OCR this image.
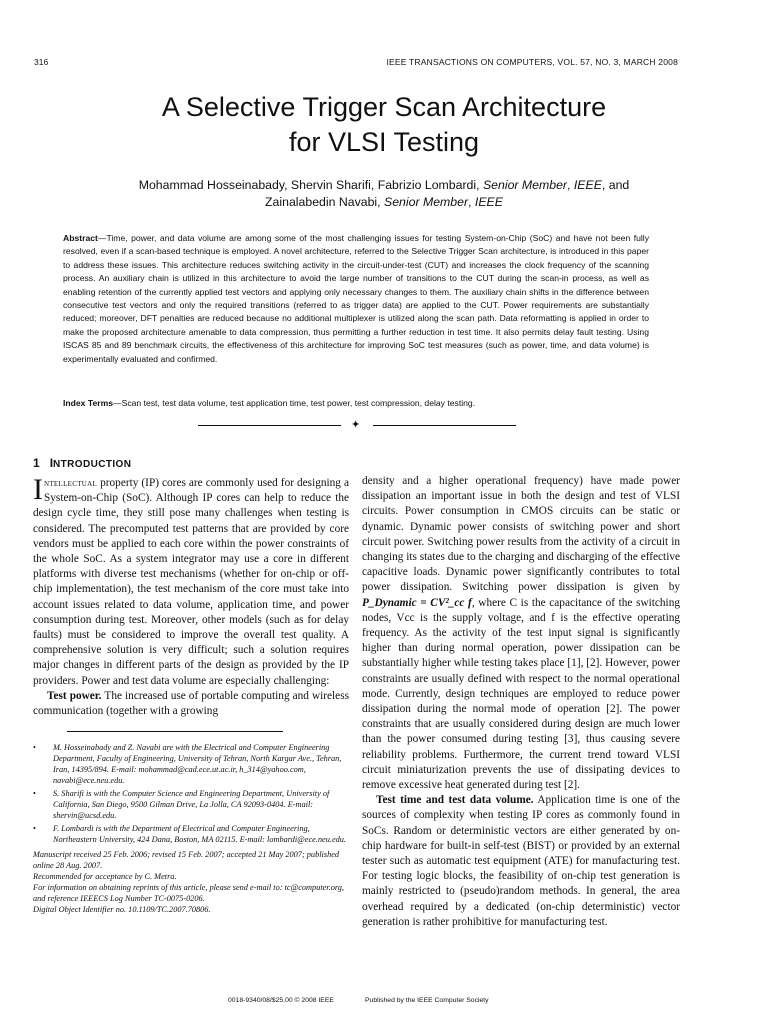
316	IEEE TRANSACTIONS ON COMPUTERS, VOL. 57, NO. 3, MARCH 2008
A Selective Trigger Scan Architecture
for VLSI Testing
Mohammad Hosseinabady, Shervin Sharifi, Fabrizio Lombardi, Senior Member, IEEE, and
Zainalabedin Navabi, Senior Member, IEEE

Abstract—Time, power, and data volume are among some of the most challenging issues for testing System-on-Chip (SoC) and have not been fully resolved, even if a scan-based technique is employed. A novel architecture, referred to the Selective Trigger Scan architecture, is introduced in this paper to address these issues. This architecture reduces switching activity in the circuit-under-test (CUT) and increases the clock frequency of the scanning process. An auxiliary chain is utilized in this architecture to avoid the large number of transitions to the CUT during the scan-in process, as well as enabling retention of the currently applied test vectors and applying only necessary changes to them. The auxiliary chain shifts in the difference between consecutive test vectors and only the required transitions (referred to as trigger data) are applied to the CUT. Power requirements are substantially reduced; moreover, DFT penalties are reduced because no additional multiplexer is utilized along the scan path. Data reformatting is applied in order to make the proposed architecture amenable to data compression, thus permitting a further reduction in test time. It also permits delay fault testing. Using ISCAS 85 and 89 benchmark circuits, the effectiveness of this architecture for improving SoC test measures (such as power, time, and data volume) is experimentally evaluated and confirmed.

Index Terms—Scan test, test data volume, test application time, test power, test compression, delay testing.

✦
1 INTRODUCTION

Intellectual property (IP) cores are commonly used for designing a System-on-Chip (SoC). Although IP cores can help to reduce the design cycle time, they still pose many challenges when testing is considered. The precomputed test patterns that are provided by core vendors must be applied to each core within the power constraints of the whole SoC. As a system integrator may use a core in different platforms with diverse test mechanisms (whether for on-chip or off-chip implementation), the test mechanism of the core must take into account issues related to data volume, application time, and power consumption during test. Moreover, other models (such as for delay faults) must be considered to improve the overall test quality. A comprehensive solution is very difficult; such a solution requires major changes in different parts of the design as provided by the IP providers. Power and test data volume are especially challenging:

Test power. The increased use of portable computing and wireless communication (together with a growing

• M. Hosseinabady and Z. Navabi are with the Electrical and Computer Engineering Department, Faculty of Engineering, University of Tehran, North Kargar Ave., Tehran, Iran, 14395/894. E-mail: mohammad@cad.ece.ut.ac.ir, h_314@yahoo.com, navabi@ece.neu.edu.
• S. Sharifi is with the Computer Science and Engineering Department, University of California, San Diego, 9500 Gilman Drive, La Jolla, CA 92093-0404. E-mail: shervin@ucsd.edu.
• F. Lombardi is with the Department of Electrical and Computer Engineering, Northeastern University, 424 Dana, Boston, MA 02115. E-mail: lombardi@ece.neu.edu.
Manuscript received 25 Feb. 2006; revised 15 Feb. 2007; accepted 21 May 2007; published online 28 Aug. 2007.
Recommended for acceptance by C. Metra.
For information on obtaining reprints of this article, please send e-mail to: tc@computer.org, and reference IEEECS Log Number TC-0075-0206.
Digital Object Identifier no. 10.1109/TC.2007.70806.

density and a higher operational frequency) have made power dissipation an important issue in both the design and test of VLSI circuits. Power consumption in CMOS circuits can be static or dynamic. Dynamic power consists of switching power and short circuit power. Switching power results from the activity of a circuit in changing its states due to the charging and discharging of the effective capacitive loads. Dynamic power significantly contributes to total power dissipation. Switching power dissipation is given by P_Dynamic = CV²_cc f, where C is the capacitance of the switching nodes, Vcc is the supply voltage, and f is the effective operating frequency. As the activity of the test input signal is significantly higher than during normal operation, power dissipation can be substantially higher while testing takes place [1], [2]. However, power constraints are usually defined with respect to the normal operational mode. Currently, design techniques are employed to reduce power dissipation during the normal mode of operation [2]. The power constraints that are usually considered during design are much lower than the power consumed during testing [3], thus causing severe reliability problems. Furthermore, the current trend toward VLSI circuit miniaturization prevents the use of dissipating devices to remove excessive heat generated during test [2].

Test time and test data volume. Application time is one of the sources of complexity when testing IP cores as commonly found in SoCs. Random or deterministic vectors are either generated by on-chip hardware for built-in self-test (BIST) or provided by an external tester such as automatic test equipment (ATE) for manufacturing test. For testing logic blocks, the feasibility of on-chip test generation is mainly restricted to (pseudo)random methods. In general, the area overhead required by a dedicated (on-chip deterministic) vector generation is rather prohibitive for manufacturing test.

0018-9340/08/$25.00 © 2008 IEEE	Published by the IEEE Computer Society
